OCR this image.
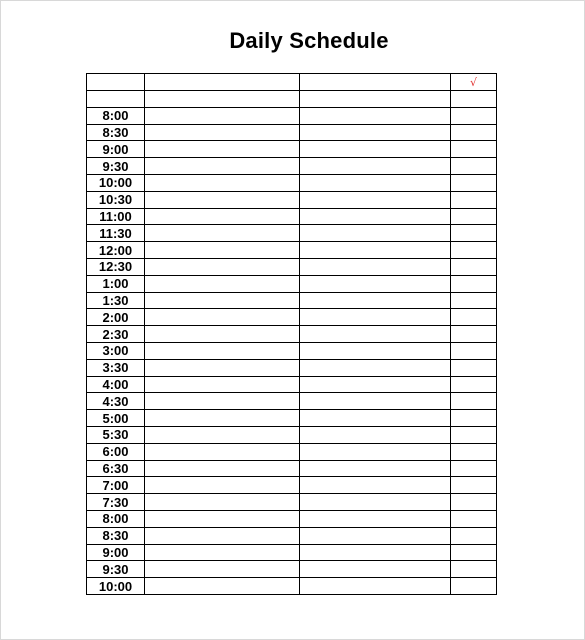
Daily Schedule
			√

8:00			
8:30			
9:00			
9:30			
10:00			
10:30			
11:00			
11:30			
12:00			
12:30			
1:00			
1:30			
2:00			
2:30			
3:00			
3:30			
4:00			
4:30			
5:00			
5:30			
6:00			
6:30			
7:00			
7:30			
8:00			
8:30			
9:00			
9:30			
10:00			
